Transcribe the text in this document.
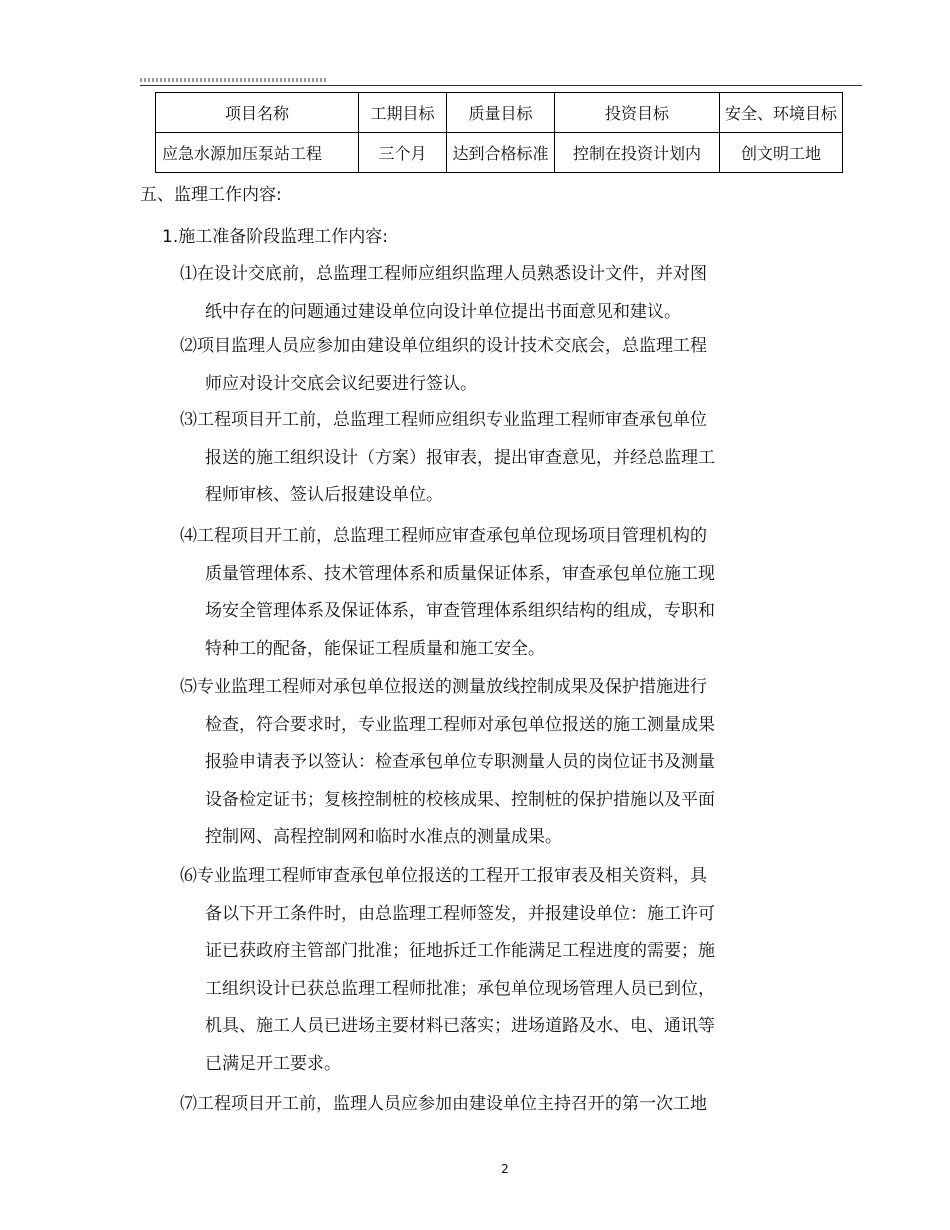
项目名称	工期目标	质量目标	投资目标	安全、环境目标
应急水源加压泵站工程	三个月	达到合格标准	控制在投资计划内	创文明工地
五、监理工作内容:
1.施工准备阶段监理工作内容:
⑴在设计交底前，总监理工程师应组织监理人员熟悉设计文件，并对图
纸中存在的问题通过建设单位向设计单位提出书面意见和建议。
⑵项目监理人员应参加由建设单位组织的设计技术交底会，总监理工程
师应对设计交底会议纪要进行签认。
⑶工程项目开工前，总监理工程师应组织专业监理工程师审查承包单位
报送的施工组织设计（方案）报审表，提出审查意见，并经总监理工
程师审核、签认后报建设单位。
⑷工程项目开工前，总监理工程师应审查承包单位现场项目管理机构的
质量管理体系、技术管理体系和质量保证体系，审查承包单位施工现
场安全管理体系及保证体系，审查管理体系组织结构的组成，专职和
特种工的配备，能保证工程质量和施工安全。
⑸专业监理工程师对承包单位报送的测量放线控制成果及保护措施进行
检查，符合要求时，专业监理工程师对承包单位报送的施工测量成果
报验申请表予以签认：检查承包单位专职测量人员的岗位证书及测量
设备检定证书；复核控制桩的校核成果、控制桩的保护措施以及平面
控制网、高程控制网和临时水准点的测量成果。
⑹专业监理工程师审查承包单位报送的工程开工报审表及相关资料，具
备以下开工条件时，由总监理工程师签发，并报建设单位：施工许可
证已获政府主管部门批准；征地拆迁工作能满足工程进度的需要；施
工组织设计已获总监理工程师批准；承包单位现场管理人员已到位，
机具、施工人员已进场主要材料已落实；进场道路及水、电、通讯等
已满足开工要求。
⑺工程项目开工前，监理人员应参加由建设单位主持召开的第一次工地
2
